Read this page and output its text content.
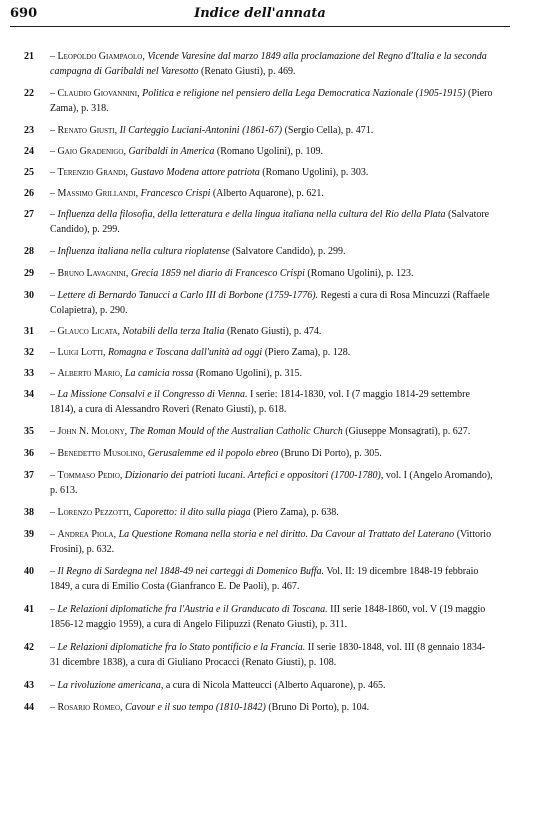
690	Indice dell'annata
21 – Leopoldo Giampaolo, Vicende Varesine dal marzo 1849 alla proclamazione del Regno d'Italia e la seconda campagna di Garibaldi nel Varesotto (Renato Giusti), p. 469.
22 – Claudio Giovannini, Politica e religione nel pensiero della Lega Democratica Nazionale (1905-1915) (Piero Zama), p. 318.
23 – Renato Giusti, Il Carteggio Luciani-Antonini (1861-67) (Sergio Cella), p. 471.
24 – Gaio Gradenigo, Garibaldi in America (Romano Ugolini), p. 109.
25 – Terenzio Grandi, Gustavo Modena attore patriota (Romano Ugolini), p. 303.
26 – Massimo Grillandi, Francesco Crispi (Alberto Aquarone), p. 621.
27 – Influenza della filosofia, della letteratura e della lingua italiana nella cultura del Rio della Plata (Salvatore Candido), p. 299.
28 – Influenza italiana nella cultura rioplatense (Salvatore Candido), p. 299.
29 – Bruno Lavagnini, Grecia 1859 nel diario di Francesco Crispi (Romano Ugolini), p. 123.
30 – Lettere di Bernardo Tanucci a Carlo III di Borbone (1759-1776). Regesti a cura di Rosa Mincuzzi (Raffaele Colapietra), p. 290.
31 – Glauco Licata, Notabili della terza Italia (Renato Giusti), p. 474.
32 – Luigi Lotti, Romagna e Toscana dall'unità ad oggi (Piero Zama), p. 128.
33 – Alberto Mario, La camicia rossa (Romano Ugolini), p. 315.
34 – La Missione Consalvi e il Congresso di Vienna. I serie: 1814-1830, vol. I (7 maggio 1814-29 settembre 1814), a cura di Alessandro Roveri (Renato Giusti), p. 618.
35 – John N. Molony, The Roman Mould of the Australian Catholic Church (Giuseppe Monsagrati), p. 627.
36 – Benedetto Musolino, Gerusalemme ed il popolo ebreo (Bruno Di Porto), p. 305.
37 – Tommaso Pedio, Dizionario dei patrioti lucani. Artefici e oppositori (1700-1780), vol. I (Angelo Aromando), p. 613.
38 – Lorenzo Pezzotti, Caporetto: il dito sulla piaga (Piero Zama), p. 638.
39 – Andrea Piola, La Questione Romana nella storia e nel diritto. Da Cavour al Trattato del Laterano (Vittorio Frosini), p. 632.
40 – Il Regno di Sardegna nel 1848-49 nei carteggi di Domenico Buffa. Vol. II: 19 dicembre 1848-19 febbraio 1849, a cura di Emilio Costa (Gianfranco E. De Paoli), p. 467.
41 – Le Relazioni diplomatiche fra l'Austria e il Granducato di Toscana. III serie 1848-1860, vol. V (19 maggio 1856-12 maggio 1959), a cura di Angelo Filipuzzi (Renato Giusti), p. 311.
42 – Le Relazioni diplomatiche fra lo Stato pontificio e la Francia. II serie 1830-1848, vol. III (8 gennaio 1834-31 dicembre 1838), a cura di Giuliano Procacci (Renato Giusti), p. 108.
43 – La rivoluzione americana, a cura di Nicola Matteucci (Alberto Aquarone), p. 465.
44 – Rosario Romeo, Cavour e il suo tempo (1810-1842) (Bruno Di Porto), p. 104.
